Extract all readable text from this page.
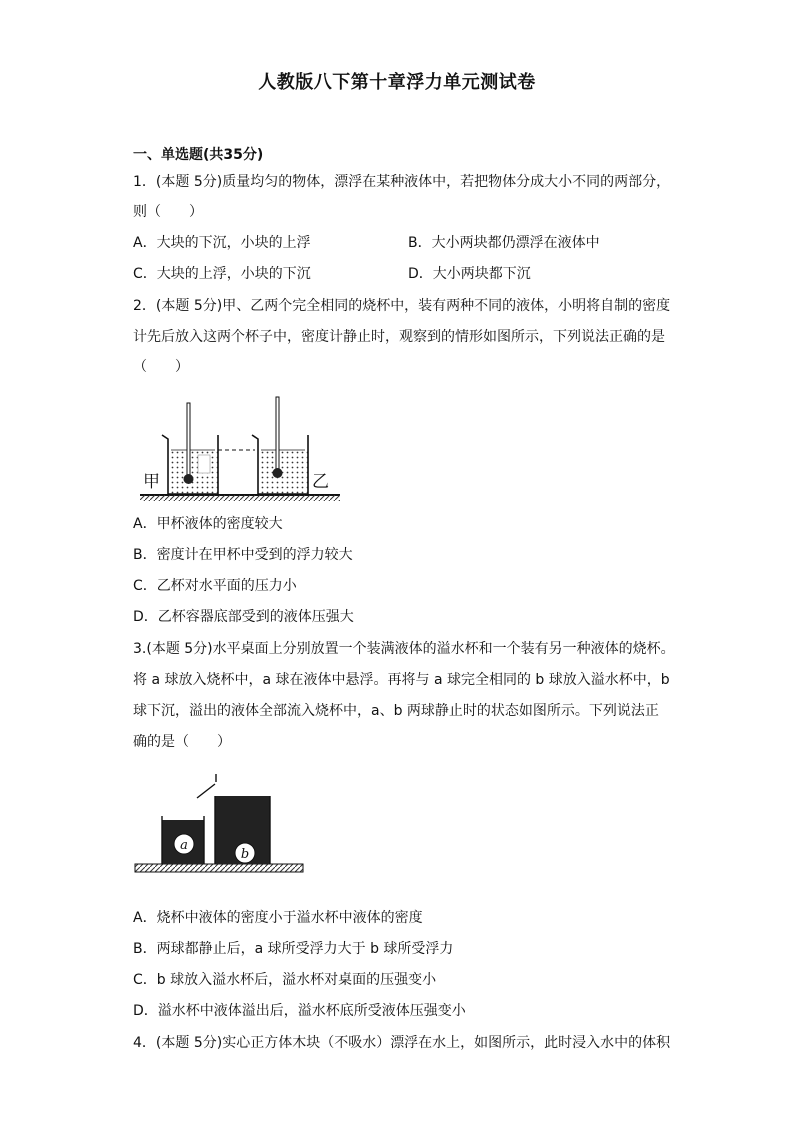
人教版八下第十章浮力单元测试卷
一、单选题(共35分)
1．(本题 5分)质量均匀的物体，漂浮在某种液体中，若把物体分成大小不同的两部分，
则（　　）
A．大块的下沉，小块的上浮	B．大小两块都仍漂浮在液体中
C．大块的上浮，小块的下沉	D．大小两块都下沉
2．(本题 5分)甲、乙两个完全相同的烧杯中，装有两种不同的液体，小明将自制的密度
计先后放入这两个杯子中，密度计静止时，观察到的情形如图所示，下列说法正确的是
（　　）
甲	乙
A．甲杯液体的密度较大
B．密度计在甲杯中受到的浮力较大
C．乙杯对水平面的压力小
D．乙杯容器底部受到的液体压强大
3.(本题 5分)水平桌面上分别放置一个装满液体的溢水杯和一个装有另一种液体的烧杯。
将 a 球放入烧杯中，a 球在液体中悬浮。再将与 a 球完全相同的 b 球放入溢水杯中，b
球下沉，溢出的液体全部流入烧杯中，a、b 两球静止时的状态如图所示。下列说法正
确的是（　　）
a
b
A．烧杯中液体的密度小于溢水杯中液体的密度
B．两球都静止后，a 球所受浮力大于 b 球所受浮力
C．b 球放入溢水杯后，溢水杯对桌面的压强变小
D．溢水杯中液体溢出后，溢水杯底所受液体压强变小
4．(本题 5分)实心正方体木块（不吸水）漂浮在水上，如图所示，此时浸入水中的体积
